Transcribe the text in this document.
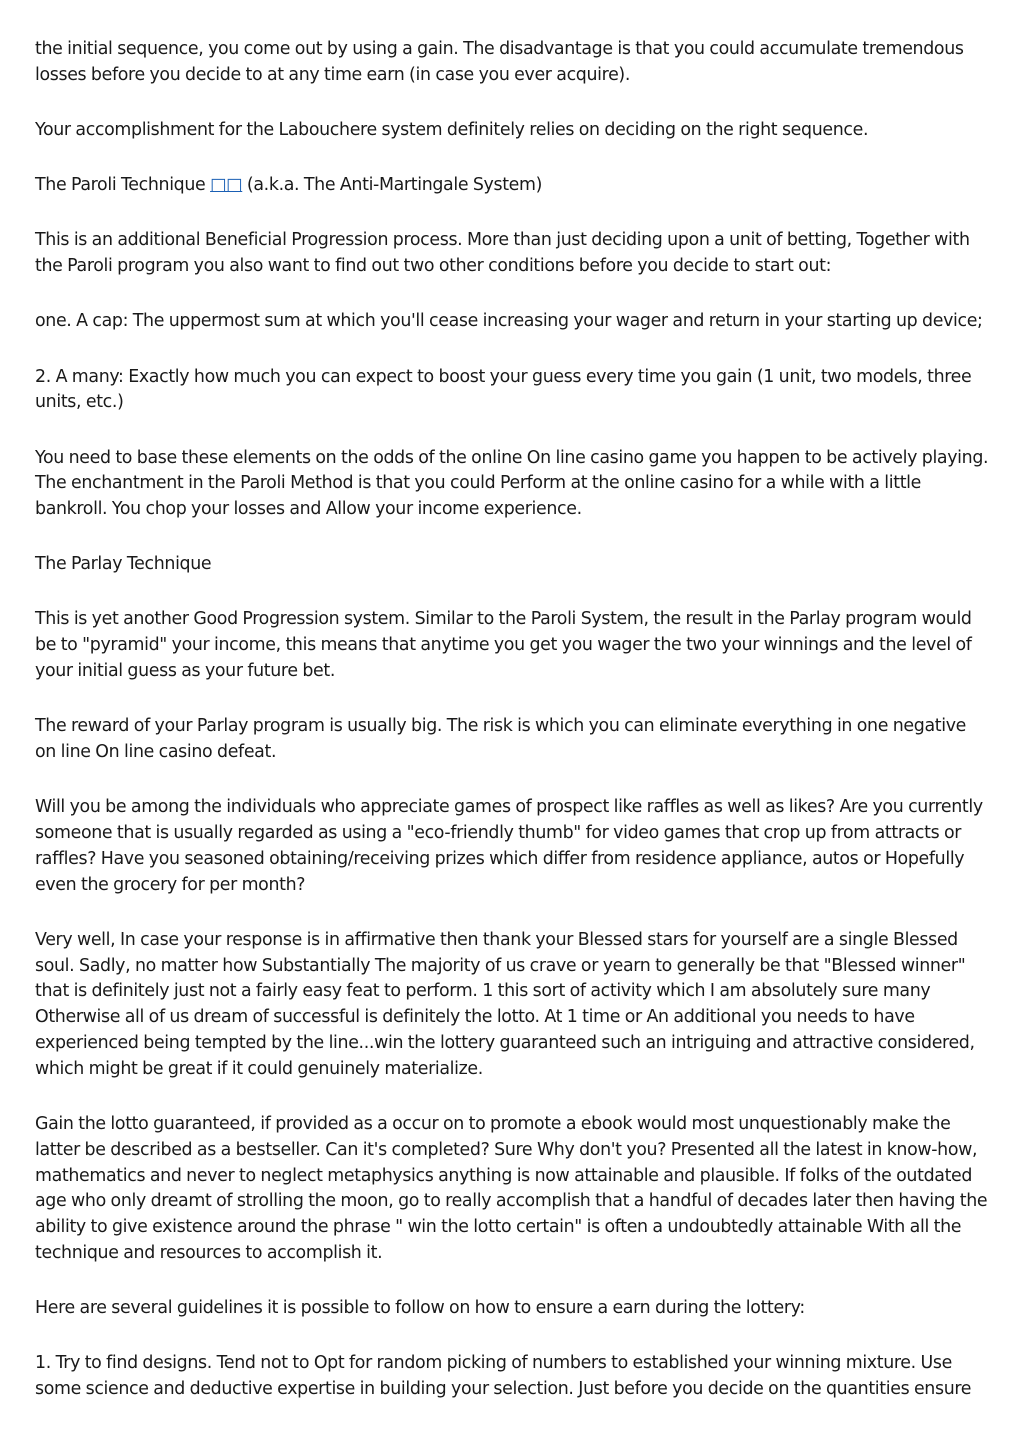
the initial sequence, you come out by using a gain. The disadvantage is that you could accumulate tremendous losses before you decide to at any time earn (in case you ever acquire).

Your accomplishment for the Labouchere system definitely relies on deciding on the right sequence.

The Paroli Technique □□ (a.k.a. The Anti-Martingale System)

This is an additional Beneficial Progression process. More than just deciding upon a unit of betting, Together with the Paroli program you also want to find out two other conditions before you decide to start out:

one. A cap: The uppermost sum at which you'll cease increasing your wager and return in your starting up device;

2. A many: Exactly how much you can expect to boost your guess every time you gain (1 unit, two models, three units, etc.)

You need to base these elements on the odds of the online On line casino game you happen to be actively playing. The enchantment in the Paroli Method is that you could Perform at the online casino for a while with a little bankroll. You chop your losses and Allow your income experience.

The Parlay Technique

This is yet another Good Progression system. Similar to the Paroli System, the result in the Parlay program would be to "pyramid" your income, this means that anytime you get you wager the two your winnings and the level of your initial guess as your future bet.

The reward of your Parlay program is usually big. The risk is which you can eliminate everything in one negative on line On line casino defeat.

Will you be among the individuals who appreciate games of prospect like raffles as well as likes? Are you currently someone that is usually regarded as using a "eco-friendly thumb" for video games that crop up from attracts or raffles? Have you seasoned obtaining/receiving prizes which differ from residence appliance, autos or Hopefully even the grocery for per month?

Very well, In case your response is in affirmative then thank your Blessed stars for yourself are a single Blessed soul. Sadly, no matter how Substantially The majority of us crave or yearn to generally be that "Blessed winner" that is definitely just not a fairly easy feat to perform. 1 this sort of activity which I am absolutely sure many Otherwise all of us dream of successful is definitely the lotto. At 1 time or An additional you needs to have experienced being tempted by the line...win the lottery guaranteed such an intriguing and attractive considered, which might be great if it could genuinely materialize.

Gain the lotto guaranteed, if provided as a occur on to promote a ebook would most unquestionably make the latter be described as a bestseller. Can it's completed? Sure Why don't you? Presented all the latest in know-how, mathematics and never to neglect metaphysics anything is now attainable and plausible. If folks of the outdated age who only dreamt of strolling the moon, go to really accomplish that a handful of decades later then having the ability to give existence around the phrase " win the lotto certain" is often a undoubtedly attainable With all the technique and resources to accomplish it.

Here are several guidelines it is possible to follow on how to ensure a earn during the lottery:

1. Try to find designs. Tend not to Opt for random picking of numbers to established your winning mixture. Use some science and deductive expertise in building your selection. Just before you decide on the quantities ensure
